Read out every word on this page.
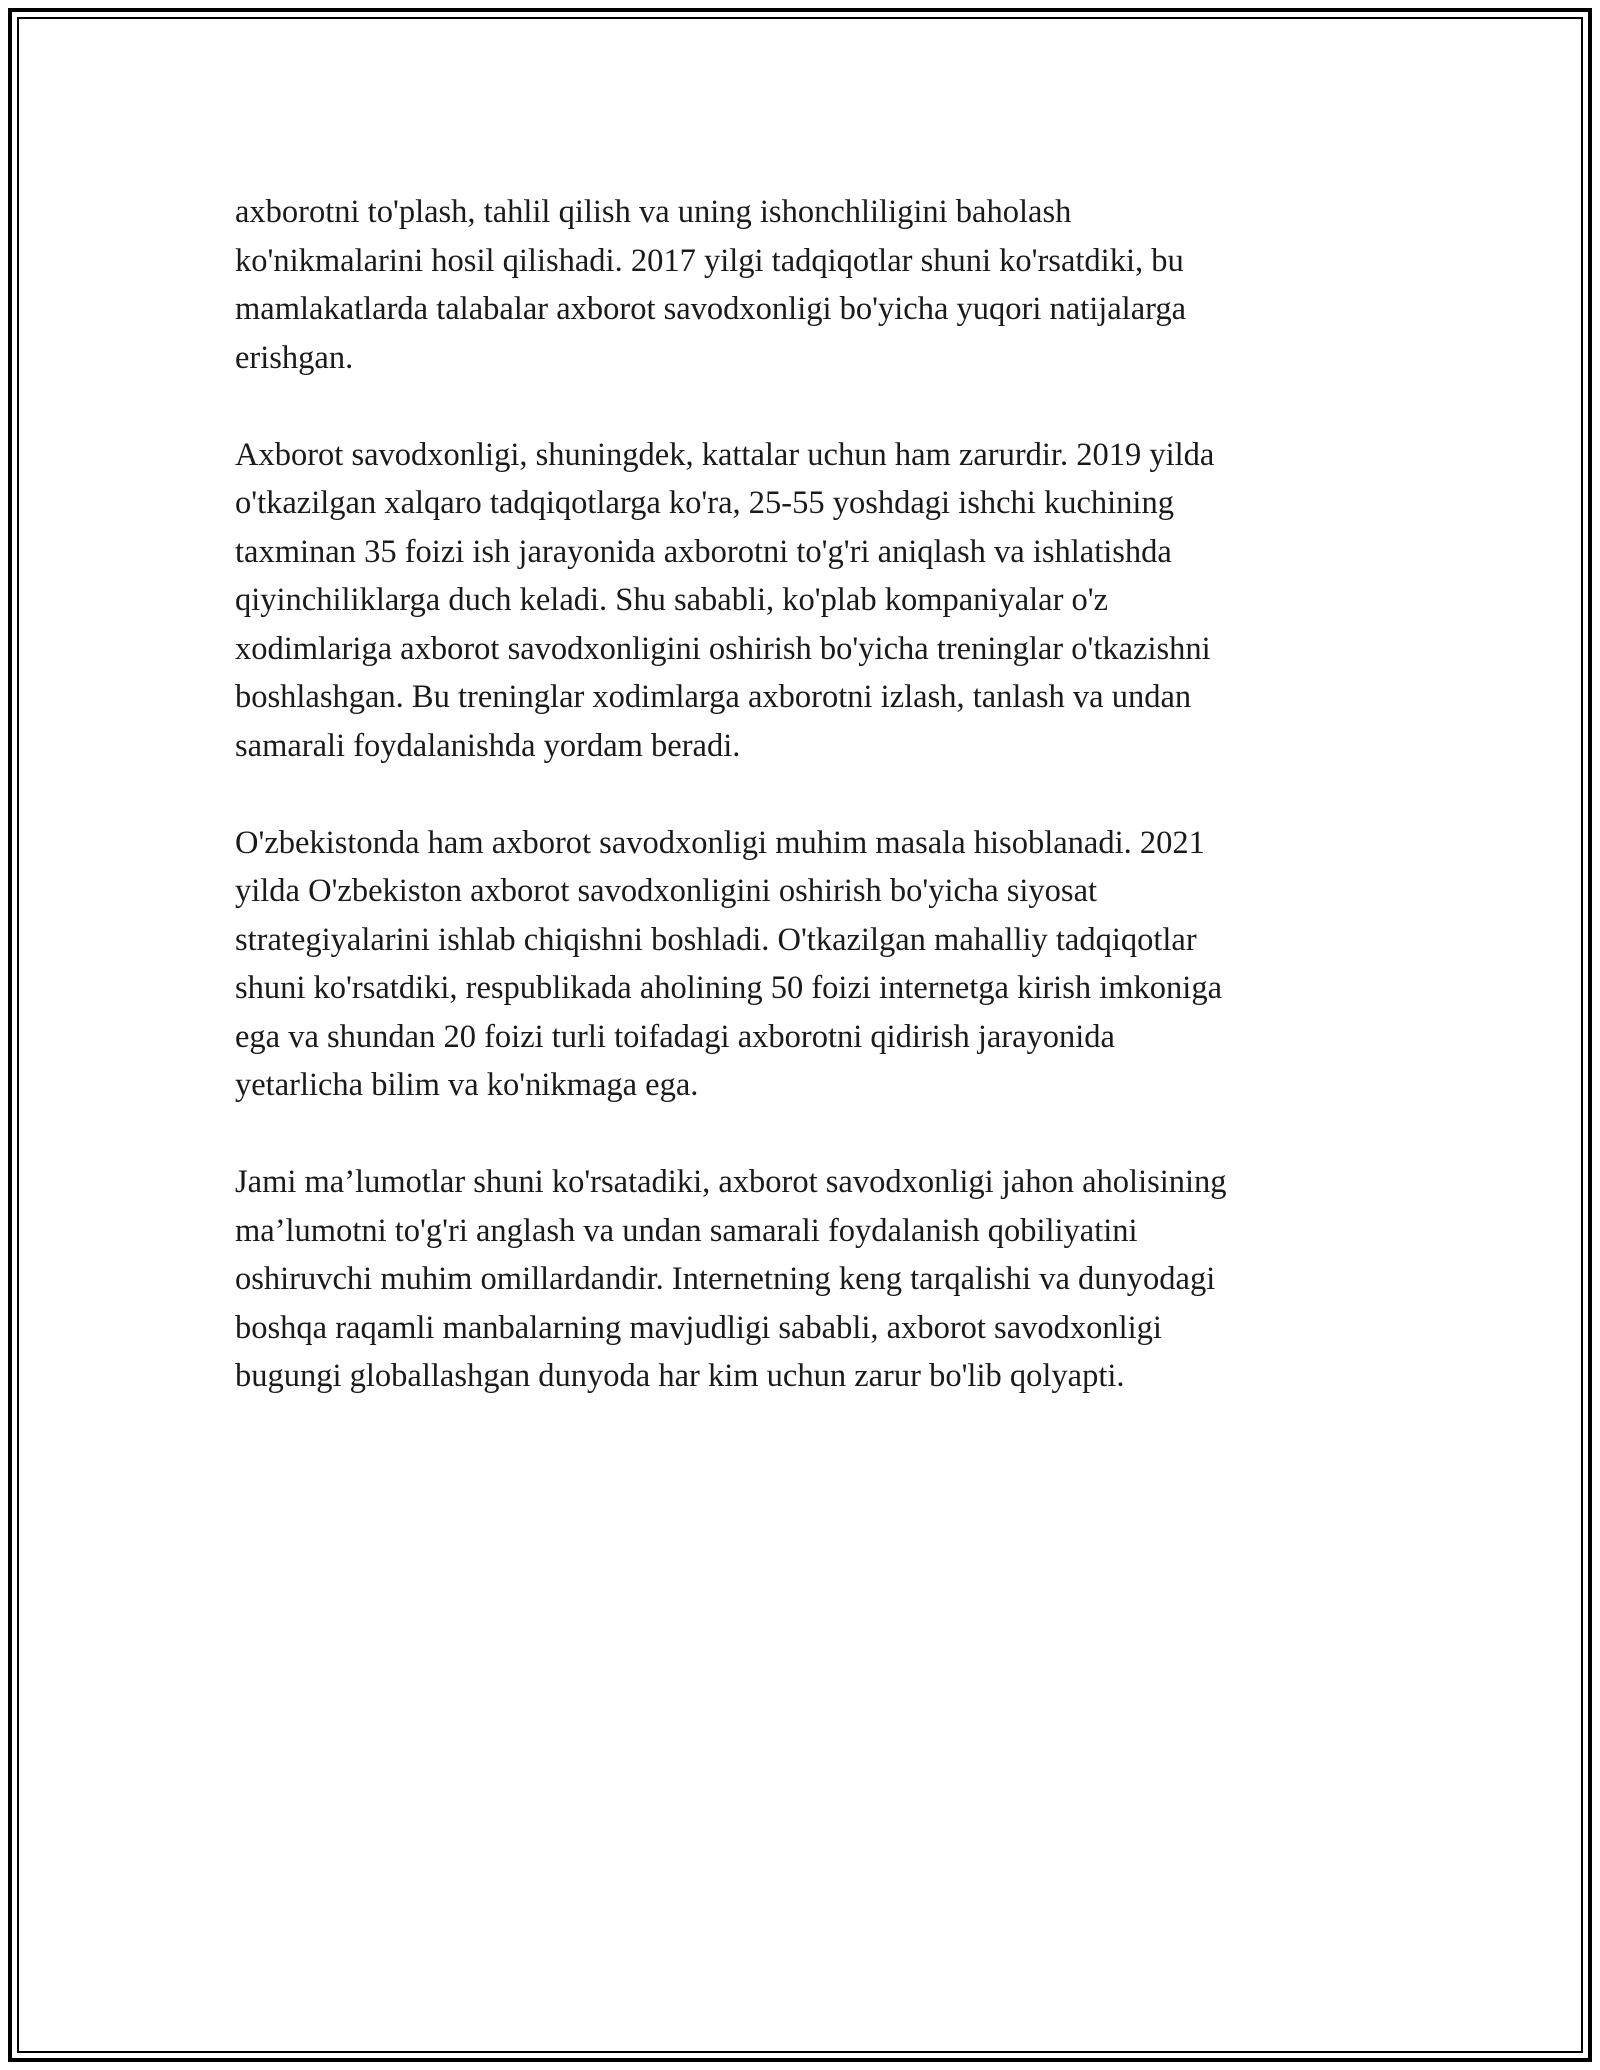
axborotni to'plash, tahlil qilish va uning ishonchliligini baholash
ko'nikmalarini hosil qilishadi. 2017 yilgi tadqiqotlar shuni ko'rsatdiki, bu
mamlakatlarda talabalar axborot savodxonligi bo'yicha yuqori natijalarga
erishgan.

Axborot savodxonligi, shuningdek, kattalar uchun ham zarurdir. 2019 yilda
o'tkazilgan xalqaro tadqiqotlarga ko'ra, 25-55 yoshdagi ishchi kuchining
taxminan 35 foizi ish jarayonida axborotni to'g'ri aniqlash va ishlatishda
qiyinchiliklarga duch keladi. Shu sababli, ko'plab kompaniyalar o'z
xodimlariga axborot savodxonligini oshirish bo'yicha treninglar o'tkazishni
boshlashgan. Bu treninglar xodimlarga axborotni izlash, tanlash va undan
samarali foydalanishda yordam beradi.

O'zbekistonda ham axborot savodxonligi muhim masala hisoblanadi. 2021
yilda O'zbekiston axborot savodxonligini oshirish bo'yicha siyosat
strategiyalarini ishlab chiqishni boshladi. O'tkazilgan mahalliy tadqiqotlar
shuni ko'rsatdiki, respublikada aholining 50 foizi internetga kirish imkoniga
ega va shundan 20 foizi turli toifadagi axborotni qidirish jarayonida
yetarlicha bilim va ko'nikmaga ega.

Jami ma’lumotlar shuni ko'rsatadiki, axborot savodxonligi jahon aholisining
ma’lumotni to'g'ri anglash va undan samarali foydalanish qobiliyatini
oshiruvchi muhim omillardandir. Internetning keng tarqalishi va dunyodagi
boshqa raqamli manbalarning mavjudligi sababli, axborot savodxonligi
bugungi globallashgan dunyoda har kim uchun zarur bo'lib qolyapti.
